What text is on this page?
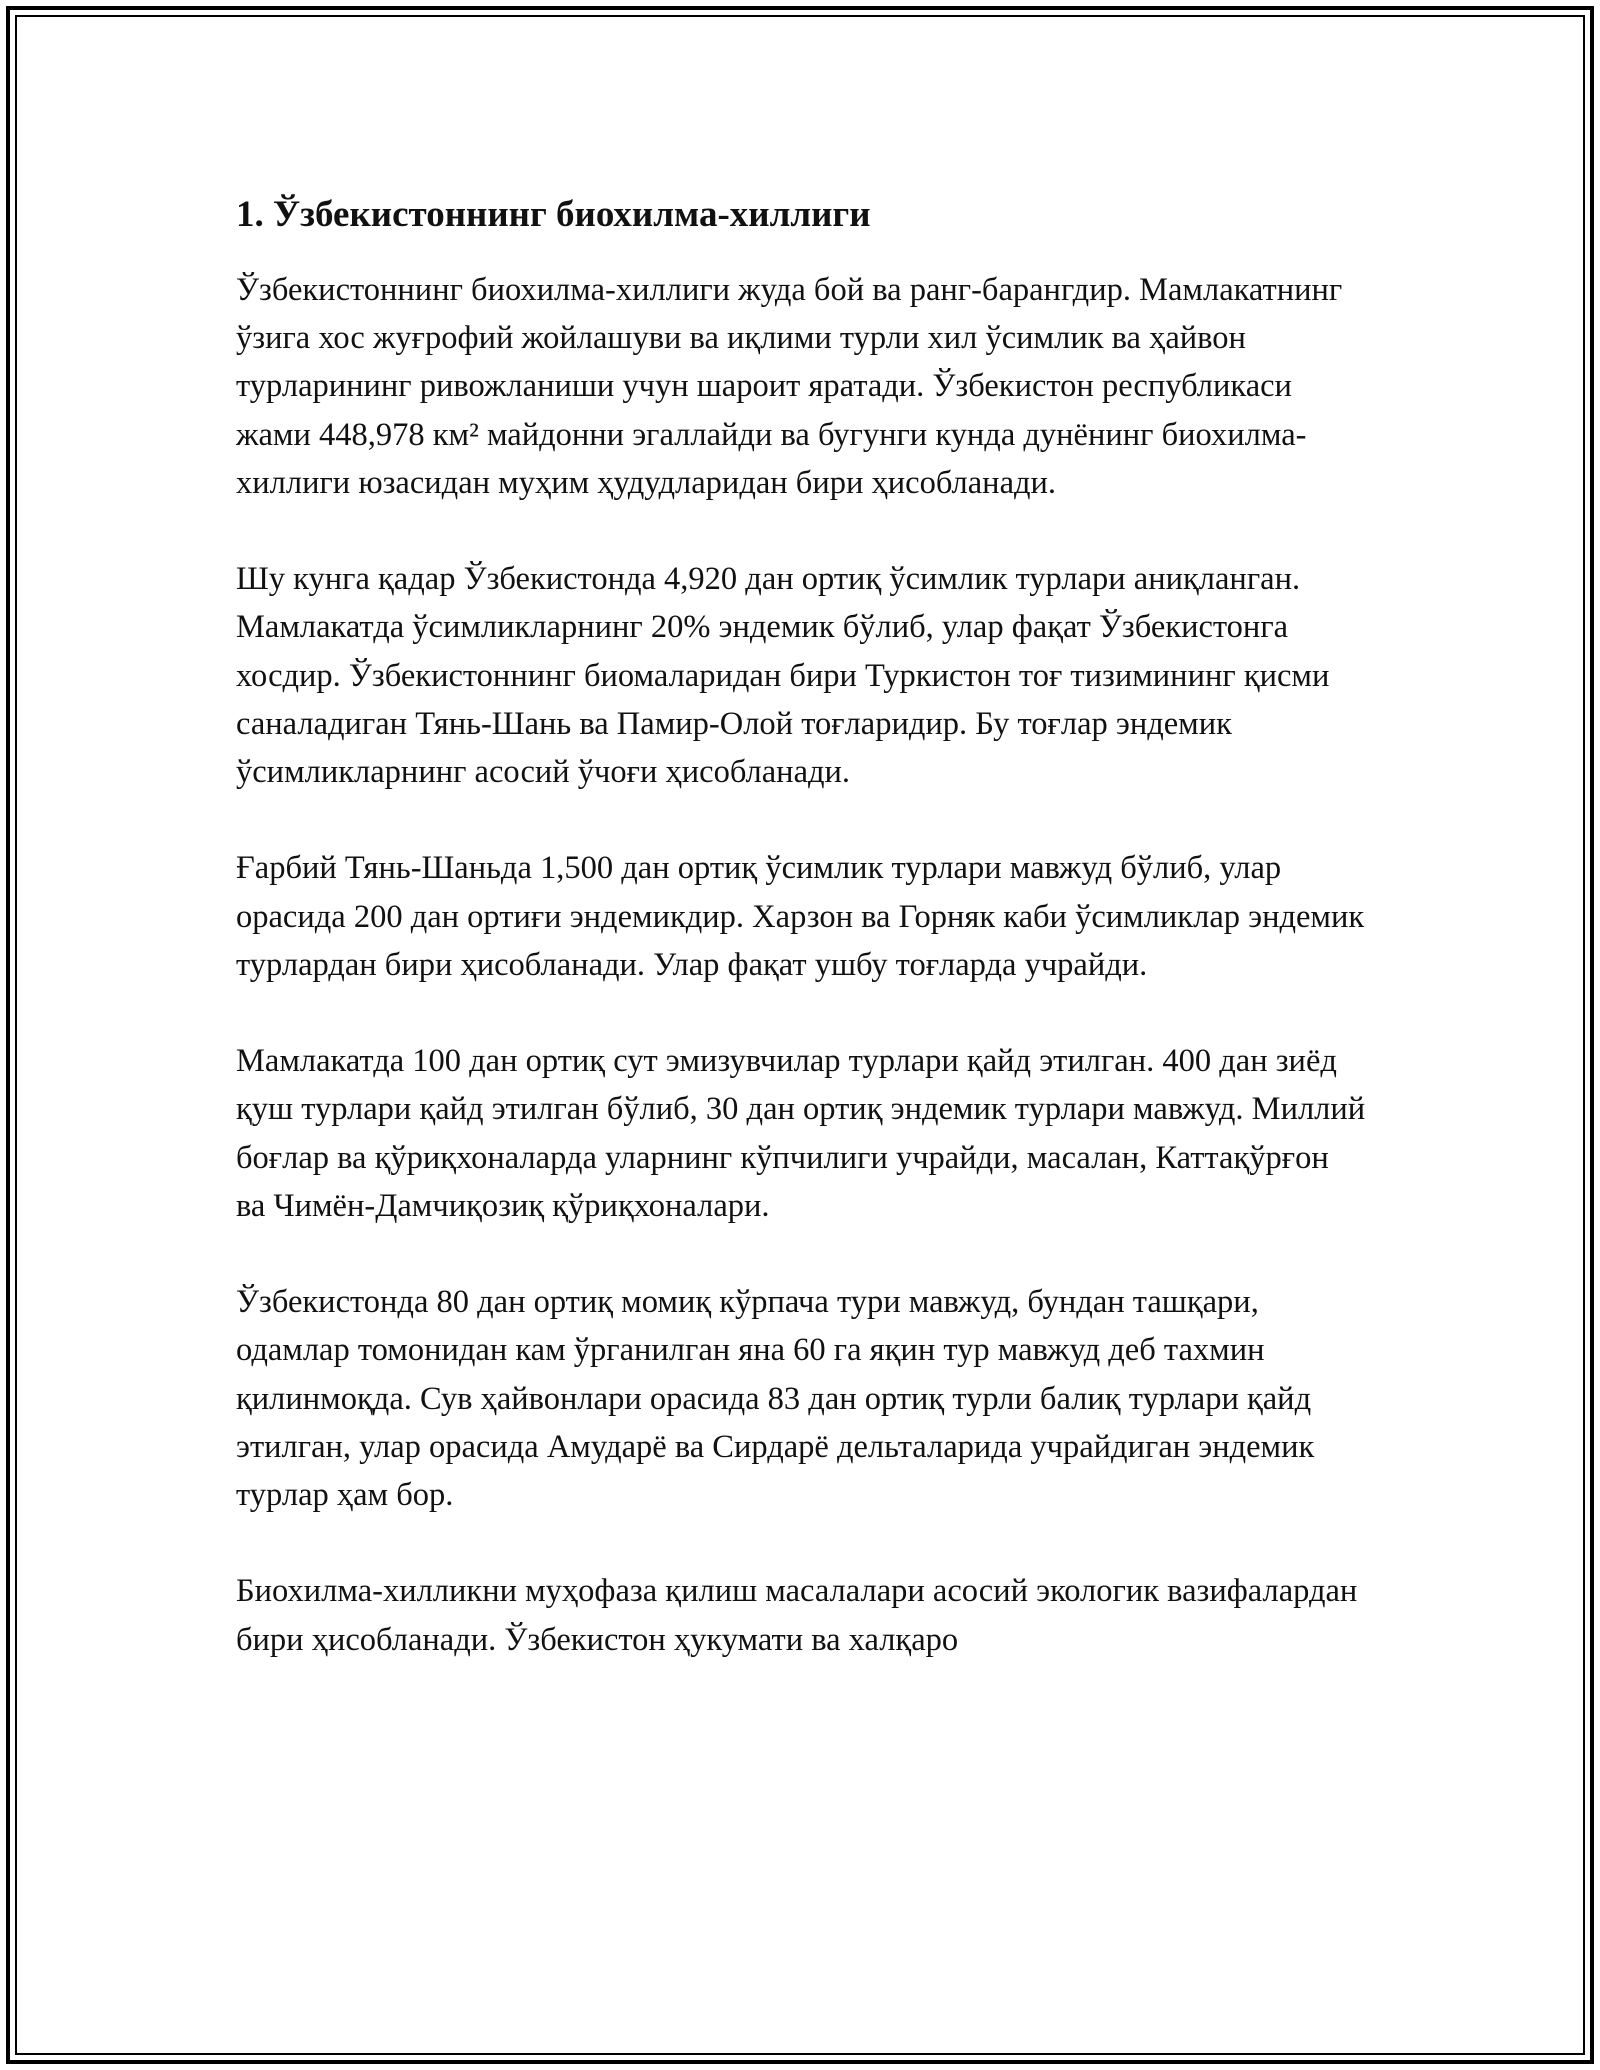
1. Ўзбекистоннинг биохилма-хиллиги

Ўзбекистоннинг биохилма-хиллиги жуда бой ва ранг-барангдир. Мамлакатнинг ўзига хос жуғрофий жойлашуви ва иқлими турли хил ўсимлик ва ҳайвон турларининг ривожланиши учун шароит яратади. Ўзбекистон республикаси жами 448,978 км² майдонни эгаллайди ва бугунги кунда дунёнинг биохилма-хиллиги юзасидан муҳим ҳудудларидан бири ҳисобланади.

Шу кунга қадар Ўзбекистонда 4,920 дан ортиқ ўсимлик турлари аниқланган. Мамлакатда ўсимликларнинг 20% эндемик бўлиб, улар фақат Ўзбекистонга хосдир. Ўзбекистоннинг биомаларидан бири Туркистон тоғ тизимининг қисми саналадиган Тянь-Шань ва Памир-Олой тоғларидир. Бу тоғлар эндемик ўсимликларнинг асосий ўчоғи ҳисобланади.

Ғарбий Тянь-Шаньда 1,500 дан ортиқ ўсимлик турлари мавжуд бўлиб, улар орасида 200 дан ортиғи эндемикдир. Харзон ва Горняк каби ўсимликлар эндемик турлардан бири ҳисобланади. Улар фақат ушбу тоғларда учрайди.

Мамлакатда 100 дан ортиқ сут эмизувчилар турлари қайд этилган. 400 дан зиёд қуш турлари қайд этилган бўлиб, 30 дан ортиқ эндемик турлари мавжуд. Миллий боғлар ва қўриқхоналарда уларнинг кўпчилиги учрайди, масалан, Каттақўрғон ва Чимён-Дамчиқозиқ қўриқхоналари.

Ўзбекистонда 80 дан ортиқ момиқ кўрпача тури мавжуд, бундан ташқари, одамлар томонидан кам ўрганилган яна 60 га яқин тур мавжуд деб тахмин қилинмоқда. Сув ҳайвонлари орасида 83 дан ортиқ турли балиқ турлари қайд этилган, улар орасида Амударё ва Сирдарё дельталарида учрайдиган эндемик турлар ҳам бор.

Биохилма-хилликни муҳофаза қилиш масалалари асосий экологик вазифалардан бири ҳисобланади. Ўзбекистон ҳукумати ва халқаро
